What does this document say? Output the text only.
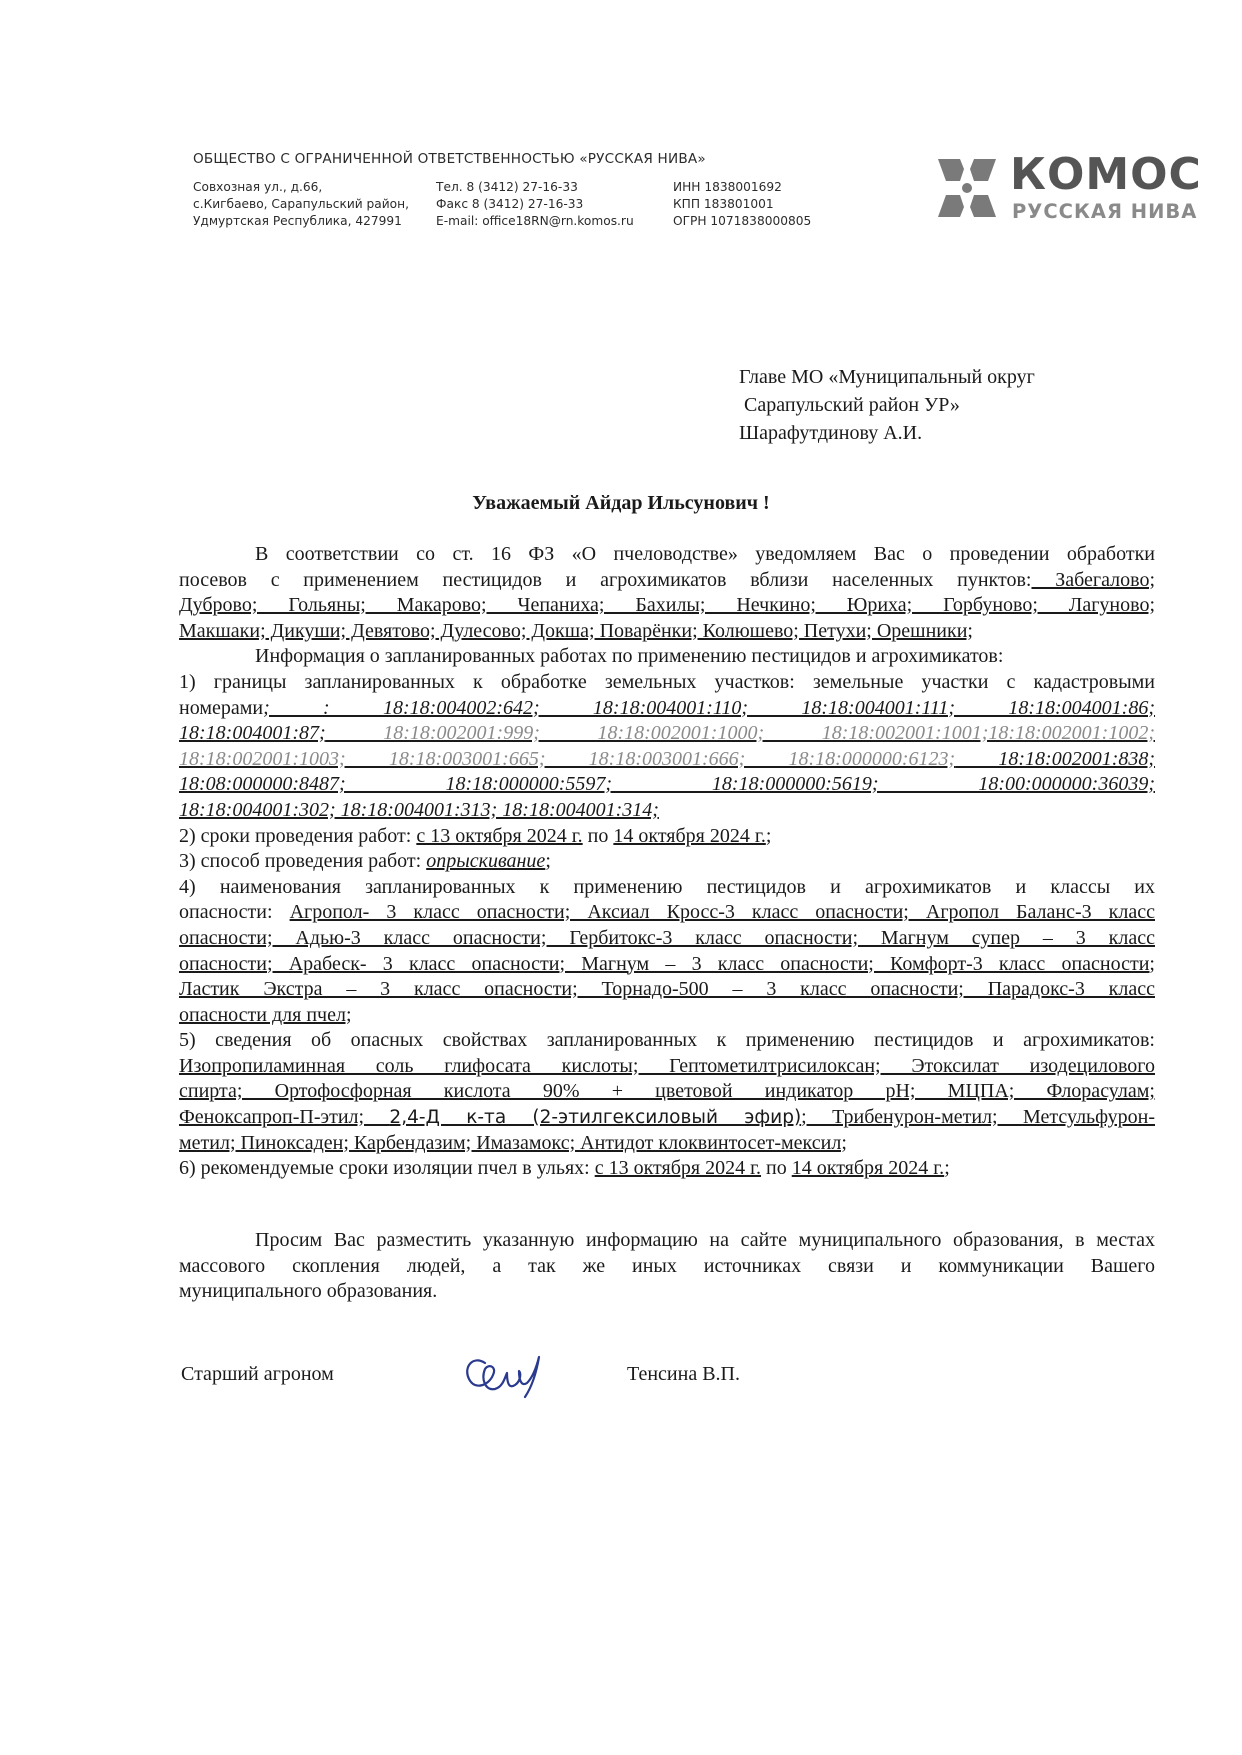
ОБЩЕСТВО С ОГРАНИЧЕННОЙ ОТВЕТСТВЕННОСТЬЮ «РУССКАЯ НИВА»
Совхозная ул., д.66,
с.Кигбаево, Сарапульский район,
Удмуртская Республика, 427991
Тел. 8 (3412) 27-16-33
Факс 8 (3412) 27-16-33
E-mail: office18RN@rn.komos.ru
ИНН 1838001692
КПП 183801001
ОГРН 1071838000805
КОМОС
РУССКАЯ НИВА
Главе МО «Муниципальный округ
Сарапульский район УР»
Шарафутдинову А.И.
Уважаемый Айдар Ильсунович !
В соответствии со ст. 16 ФЗ «О пчеловодстве» уведомляем Вас о проведении обработки
посевов с применением пестицидов и агрохимикатов вблизи населенных пунктов: Забегалово;
Дуброво; Гольяны; Макарово; Чепаниха; Бахилы; Нечкино; Юриха; Горбуново; Лагуново;
Макшаки; Дикуши; Девятово; Дулесово; Докша; Поварёнки; Колюшево; Петухи; Орешники;
Информация о запланированных работах по применению пестицидов и агрохимикатов:
1) границы запланированных к обработке земельных участков: земельные участки с кадастровыми
номерами; : 18:18:004002:642; 18:18:004001:110; 18:18:004001:111; 18:18:004001:86;
18:18:004001:87; 18:18:002001:999; 18:18:002001:1000; 18:18:002001:1001;18:18:002001:1002;
18:18:002001:1003; 18:18:003001:665; 18:18:003001:666; 18:18:000000:6123; 18:18:002001:838;
18:08:000000:8487; 18:18:000000:5597; 18:18:000000:5619; 18:00:000000:36039;
18:18:004001:302; 18:18:004001:313; 18:18:004001:314;
2) сроки проведения работ: с 13 октября 2024 г. по 14 октября 2024 г.;
3) способ проведения работ: опрыскивание;
4) наименования запланированных к применению пестицидов и агрохимикатов и классы их
опасности: Агропол- 3 класс опасности; Аксиал Кросс-3 класс опасности; Агропол Баланс-3 класс
опасности; Адью-3 класс опасности; Гербитокс-3 класс опасности; Магнум супер – 3 класс
опасности; Арабеск- 3 класс опасности; Магнум – 3 класс опасности; Комфорт-3 класс опасности;
Ластик Экстра – 3 класс опасности; Торнадо-500 – 3 класс опасности; Парадокс-3 класс
опасности для пчел;
5) сведения об опасных свойствах запланированных к применению пестицидов и агрохимикатов:
Изопропиламинная соль глифосата кислоты; Гептометилтрисилоксан; Этоксилат изодецилового
спирта; Ортофосфорная кислота 90% + цветовой индикатор pH; МЦПА; Флорасулам;
Феноксапроп-П-этил; 2,4-Д к-та (2-этилгексиловый эфир); Трибенурон-метил; Метсульфурон-
метил; Пиноксаден; Карбендазим; Имазамокс; Антидот клоквинтосет-мексил;
6) рекомендуемые сроки изоляции пчел в ульях: с 13 октября 2024 г. по 14 октября 2024 г.;
Просим Вас разместить указанную информацию на сайте муниципального образования, в местах
массового скопления людей, а так же иных источниках связи и коммуникации Вашего
муниципального образования.
Старший агроном	Тенсина В.П.
